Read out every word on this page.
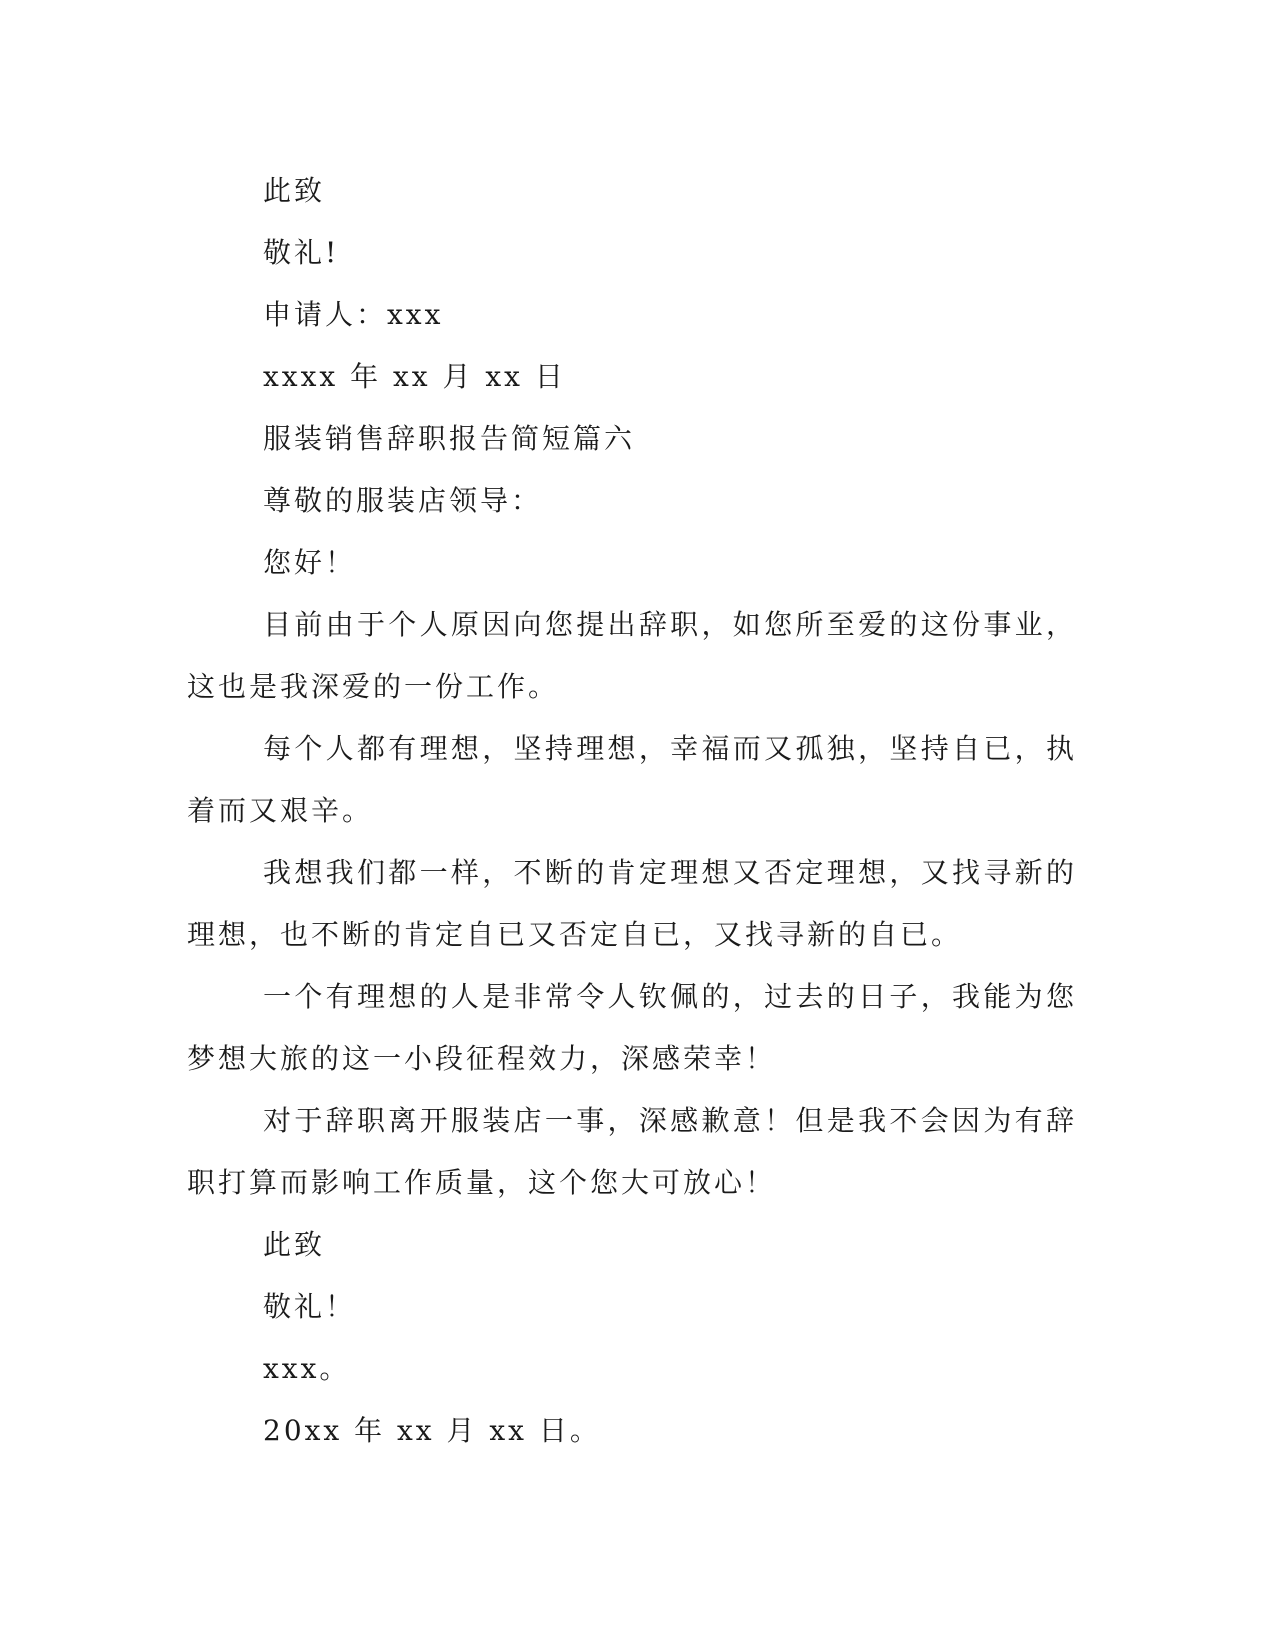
此致
敬礼!
申请人：xxx
xxxx 年 xx 月 xx 日
服装销售辞职报告简短篇六
尊敬的服装店领导：
您好！

目前由于个人原因向您提出辞职，如您所至爱的这份事业，这也是我深爱的一份工作。

每个人都有理想，坚持理想，幸福而又孤独，坚持自已，执着而又艰辛。

我想我们都一样，不断的肯定理想又否定理想，又找寻新的理想，也不断的肯定自已又否定自已，又找寻新的自已。

一个有理想的人是非常令人钦佩的，过去的日子，我能为您梦想大旅的这一小段征程效力，深感荣幸！

对于辞职离开服装店一事，深感歉意！但是我不会因为有辞职打算而影响工作质量，这个您大可放心！

此致
敬礼！
xxx。
20xx 年 xx 月 xx 日。
